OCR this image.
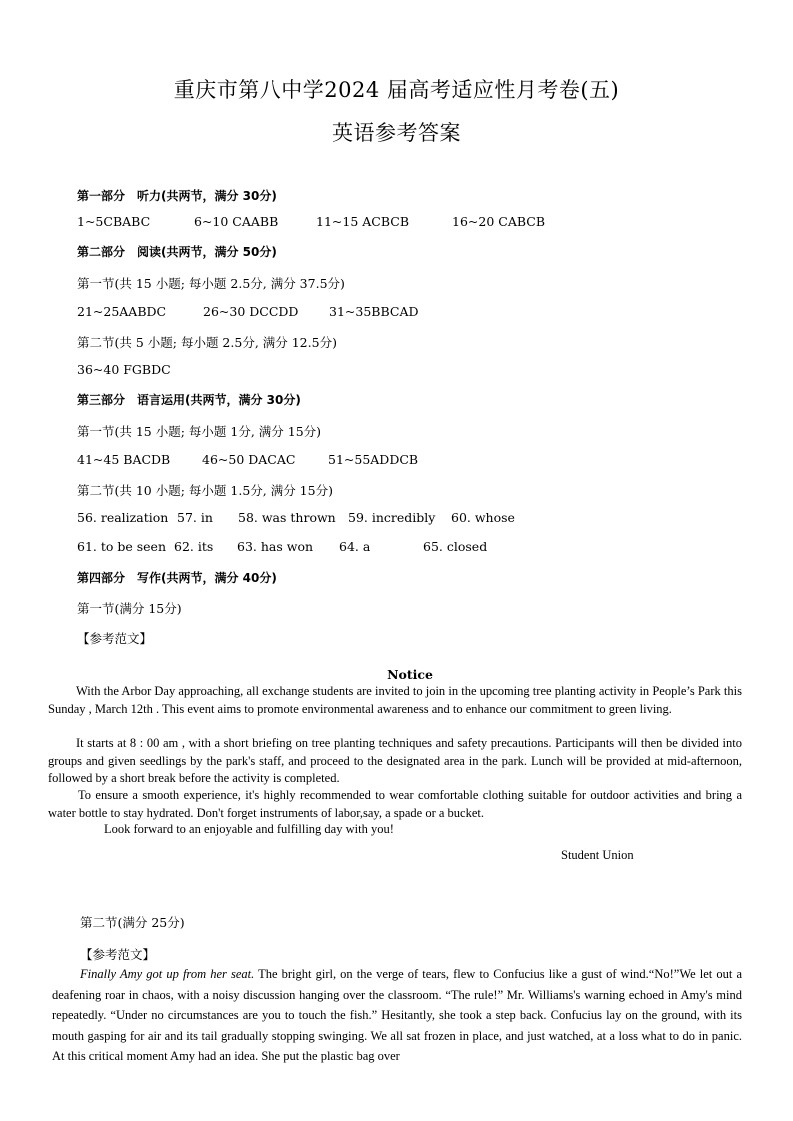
重庆市第八中学2024 届高考适应性月考卷(五)
英语参考答案
第一部分　听力(共两节，满分 30分)
1~5CBABC	6~10 CAABB	11~15 ACBCB	16~20 CABCB
第二部分　阅读(共两节，满分 50分)
第一节(共 15 小题; 每小题 2.5分, 满分 37.5分)
21~25AABDC	26~30 DCCDD 31~35BBCAD
第二节(共 5 小题; 每小题 2.5分, 满分 12.5分)
36~40 FGBDC
第三部分　语言运用(共两节，满分 30分)
第一节(共 15 小题; 每小题 1分, 满分 15分)
41~45 BACDB	46~50 DACAC	51~55ADDCB
第二节(共 10 小题; 每小题 1.5分, 满分 15分)
56. realization 57. in 58. was thrown 59. incredibly 60. whose
61. to be seen 62. its 63. has won 64. a	65. closed
第四部分　写作(共两节，满分 40分)
第一节(满分 15分)
【参考范文】
Notice
With the Arbor Day approaching, all exchange students are invited to join in the upcoming tree planting activity in People’s Park this Sunday , March 12th . This event aims to promote environmental awareness and to enhance our commitment to green living.
It starts at 8 : 00 am , with a short briefing on tree planting techniques and safety precautions. Participants will then be divided into groups and given seedlings by the park's staff, and proceed to the designated area in the park. Lunch will be provided at mid-afternoon, followed by a short break before the activity is completed.
To ensure a smooth experience, it's highly recommended to wear comfortable clothing suitable for outdoor activities and bring a water bottle to stay hydrated. Don't forget instruments of labor,say, a spade or a bucket.
Look forward to an enjoyable and fulfilling day with you!
Student Union
第二节(满分 25分)
【参考范文】
Finally Amy got up from her seat. The bright girl, on the verge of tears, flew to Confucius like a gust of wind.“No!”We let out a deafening roar in chaos, with a noisy discussion hanging over the classroom. “The rule!” Mr. Williams's warning echoed in Amy's mind repeatedly. “Under no circumstances are you to touch the fish.” Hesitantly, she took a step back. Confucius lay on the ground, with its mouth gasping for air and its tail gradually stopping swinging. We all sat frozen in place, and just watched, at a loss what to do in panic. At this critical moment Amy had an idea. She put the plastic bag over
